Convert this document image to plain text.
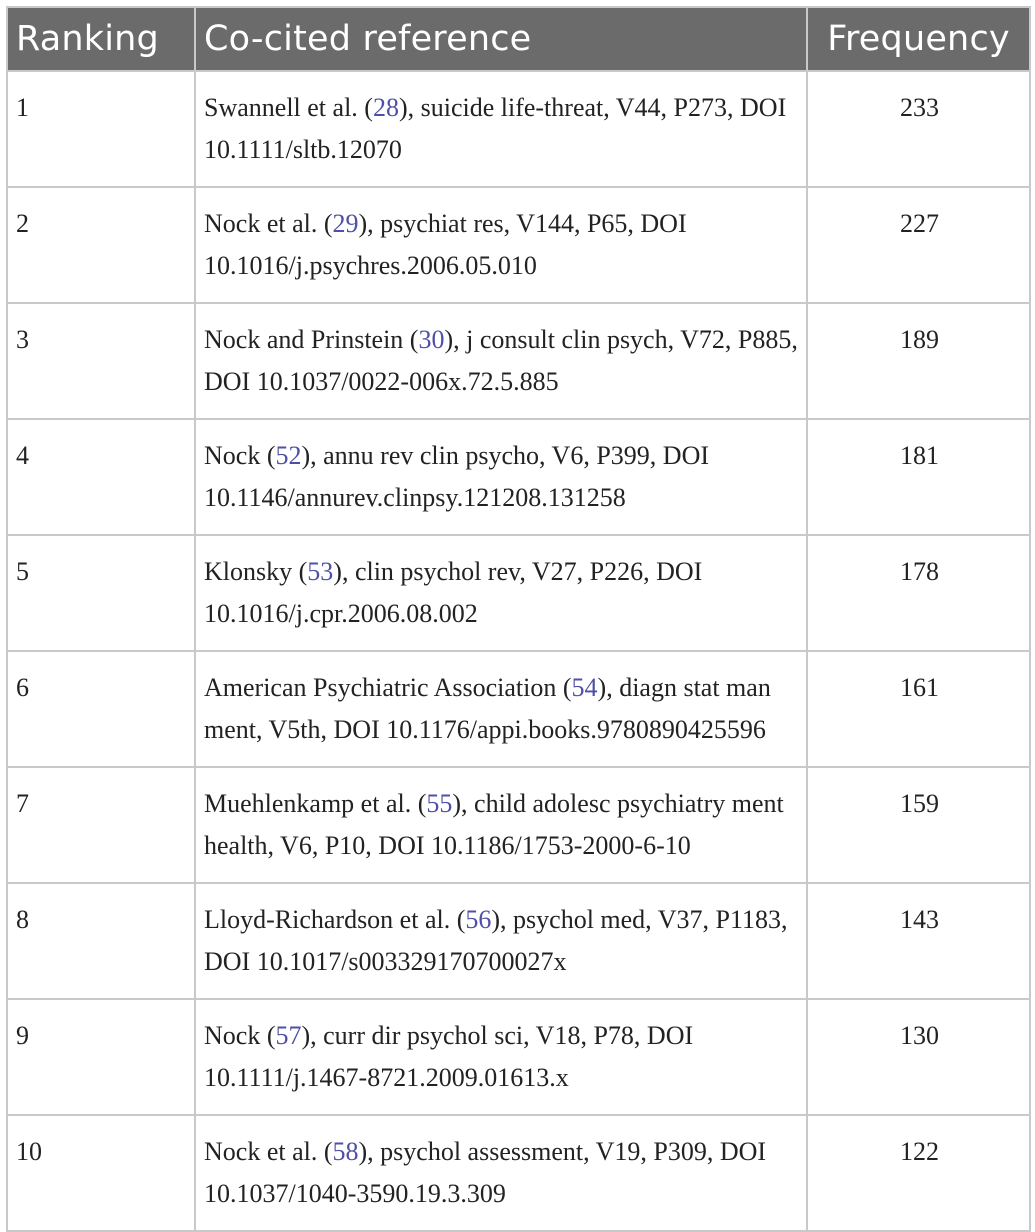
Ranking	Co-cited reference	Frequency
1	Swannell et al. (28), suicide life-threat, V44, P273, DOI 10.1111/sltb.12070	233
2	Nock et al. (29), psychiat res, V144, P65, DOI 10.1016/j.psychres.2006.05.010	227
3	Nock and Prinstein (30), j consult clin psych, V72, P885, DOI 10.1037/0022-006x.72.5.885	189
4	Nock (52), annu rev clin psycho, V6, P399, DOI 10.1146/annurev.clinpsy.121208.131258	181
5	Klonsky (53), clin psychol rev, V27, P226, DOI 10.1016/j.cpr.2006.08.002	178
6	American Psychiatric Association (54), diagn stat man ment, V5th, DOI 10.1176/appi.books.9780890425596	161
7	Muehlenkamp et al. (55), child adolesc psychiatry ment health, V6, P10, DOI 10.1186/1753-2000-6-10	159
8	Lloyd-Richardson et al. (56), psychol med, V37, P1183, DOI 10.1017/s003329170700027x	143
9	Nock (57), curr dir psychol sci, V18, P78, DOI 10.1111/j.1467-8721.2009.01613.x	130
10	Nock et al. (58), psychol assessment, V19, P309, DOI 10.1037/1040-3590.19.3.309	122
